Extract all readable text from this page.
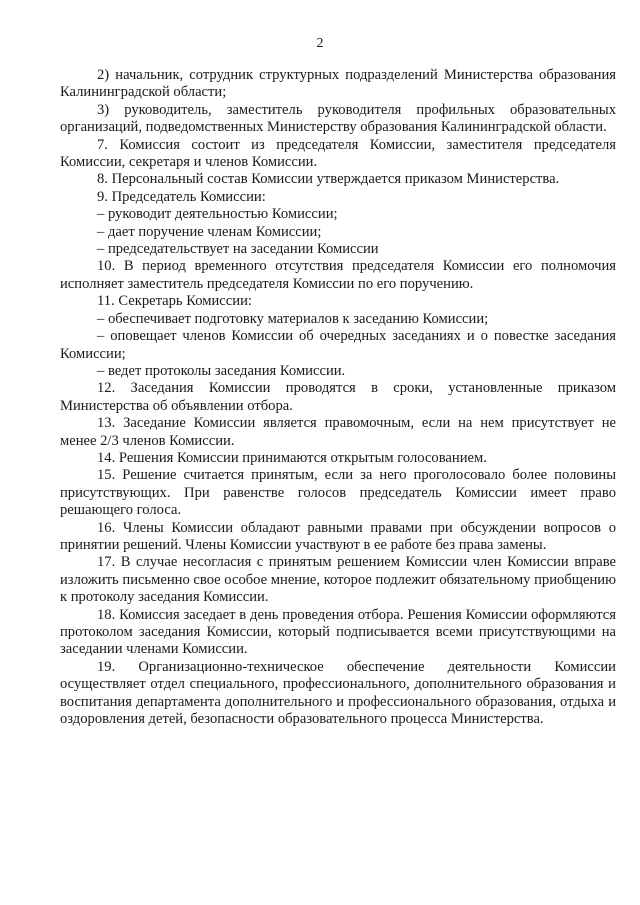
2

2) начальник, сотрудник структурных подразделений Министерства образования Калининградской области;

3) руководитель, заместитель руководителя профильных образовательных организаций, подведомственных Министерству образования Калининградской области.

7. Комиссия состоит из председателя Комиссии, заместителя председателя Комиссии, секретаря и членов Комиссии.

8. Персональный состав Комиссии утверждается приказом Министерства.

9. Председатель Комиссии:

– руководит деятельностью Комиссии;

– дает поручение членам Комиссии;

– председательствует на заседании Комиссии

10. В период временного отсутствия председателя Комиссии его полномочия исполняет заместитель председателя Комиссии по его поручению.

11. Секретарь Комиссии:

– обеспечивает подготовку материалов к заседанию Комиссии;

– оповещает членов Комиссии об очередных заседаниях и о повестке заседания Комиссии;

– ведет протоколы заседания Комиссии.

12. Заседания Комиссии проводятся в сроки, установленные приказом Министерства об объявлении отбора.

13. Заседание Комиссии является правомочным, если на нем присутствует не менее 2/3 членов Комиссии.

14. Решения Комиссии принимаются открытым голосованием.

15. Решение считается принятым, если за него проголосовало более половины присутствующих. При равенстве голосов председатель Комиссии имеет право решающего голоса.

16. Члены Комиссии обладают равными правами при обсуждении вопросов о принятии решений. Члены Комиссии участвуют в ее работе без права замены.

17. В случае несогласия с принятым решением Комиссии член Комиссии вправе изложить письменно свое особое мнение, которое подлежит обязательному приобщению к протоколу заседания Комиссии.

18. Комиссия заседает в день проведения отбора. Решения Комиссии оформляются протоколом заседания Комиссии, который подписывается всеми присутствующими на заседании членами Комиссии.

19. Организационно-техническое обеспечение деятельности Комиссии осуществляет отдел специального, профессионального, дополнительного образования и воспитания департамента дополнительного и профессионального образования, отдыха и оздоровления детей, безопасности образовательного процесса Министерства.
